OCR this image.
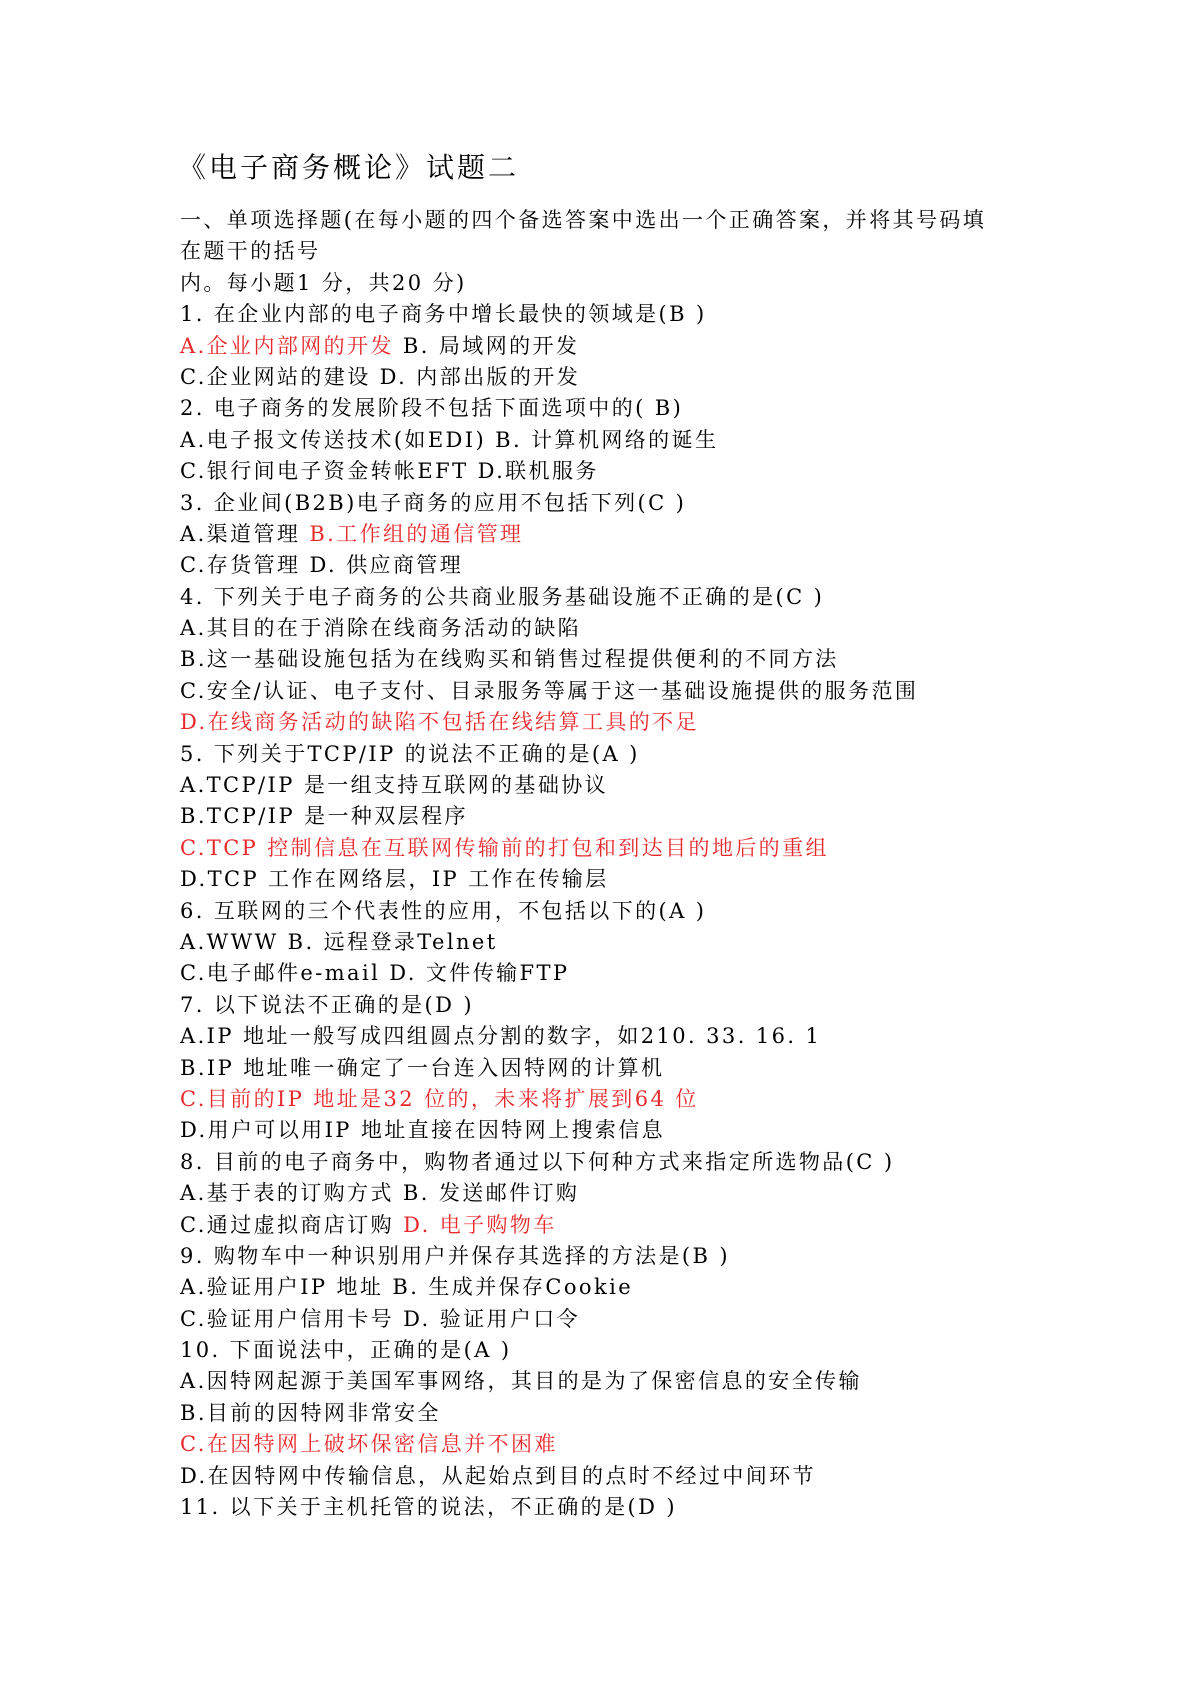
《电子商务概论》试题二
一、单项选择题(在每小题的四个备选答案中选出一个正确答案，并将其号码填
在题干的括号
内。每小题1 分，共20 分)
1. 在企业内部的电子商务中增长最快的领域是(B )
A.企业内部网的开发 B. 局域网的开发
C.企业网站的建设 D. 内部出版的开发
2. 电子商务的发展阶段不包括下面选项中的( B)
A.电子报文传送技术(如EDI) B. 计算机网络的诞生
C.银行间电子资金转帐EFT D.联机服务
3. 企业间(B2B)电子商务的应用不包括下列(C )
A.渠道管理 B.工作组的通信管理
C.存货管理 D. 供应商管理
4. 下列关于电子商务的公共商业服务基础设施不正确的是(C )
A.其目的在于消除在线商务活动的缺陷
B.这一基础设施包括为在线购买和销售过程提供便利的不同方法
C.安全/认证、电子支付、目录服务等属于这一基础设施提供的服务范围
D.在线商务活动的缺陷不包括在线结算工具的不足
5. 下列关于TCP/IP 的说法不正确的是(A )
A.TCP/IP 是一组支持互联网的基础协议
B.TCP/IP 是一种双层程序
C.TCP 控制信息在互联网传输前的打包和到达目的地后的重组
D.TCP 工作在网络层，IP 工作在传输层
6. 互联网的三个代表性的应用，不包括以下的(A )
A.WWW B. 远程登录Telnet
C.电子邮件e-mail D. 文件传输FTP
7. 以下说法不正确的是(D )
A.IP 地址一般写成四组圆点分割的数字，如210. 33. 16. 1
B.IP 地址唯一确定了一台连入因特网的计算机
C.目前的IP 地址是32 位的，未来将扩展到64 位
D.用户可以用IP 地址直接在因特网上搜索信息
8. 目前的电子商务中，购物者通过以下何种方式来指定所选物品(C )
A.基于表的订购方式 B. 发送邮件订购
C.通过虚拟商店订购 D. 电子购物车
9. 购物车中一种识别用户并保存其选择的方法是(B )
A.验证用户IP 地址 B. 生成并保存Cookie
C.验证用户信用卡号 D. 验证用户口令
10. 下面说法中，正确的是(A )
A.因特网起源于美国军事网络，其目的是为了保密信息的安全传输
B.目前的因特网非常安全
C.在因特网上破坏保密信息并不困难
D.在因特网中传输信息，从起始点到目的点时不经过中间环节
11. 以下关于主机托管的说法，不正确的是(D )
